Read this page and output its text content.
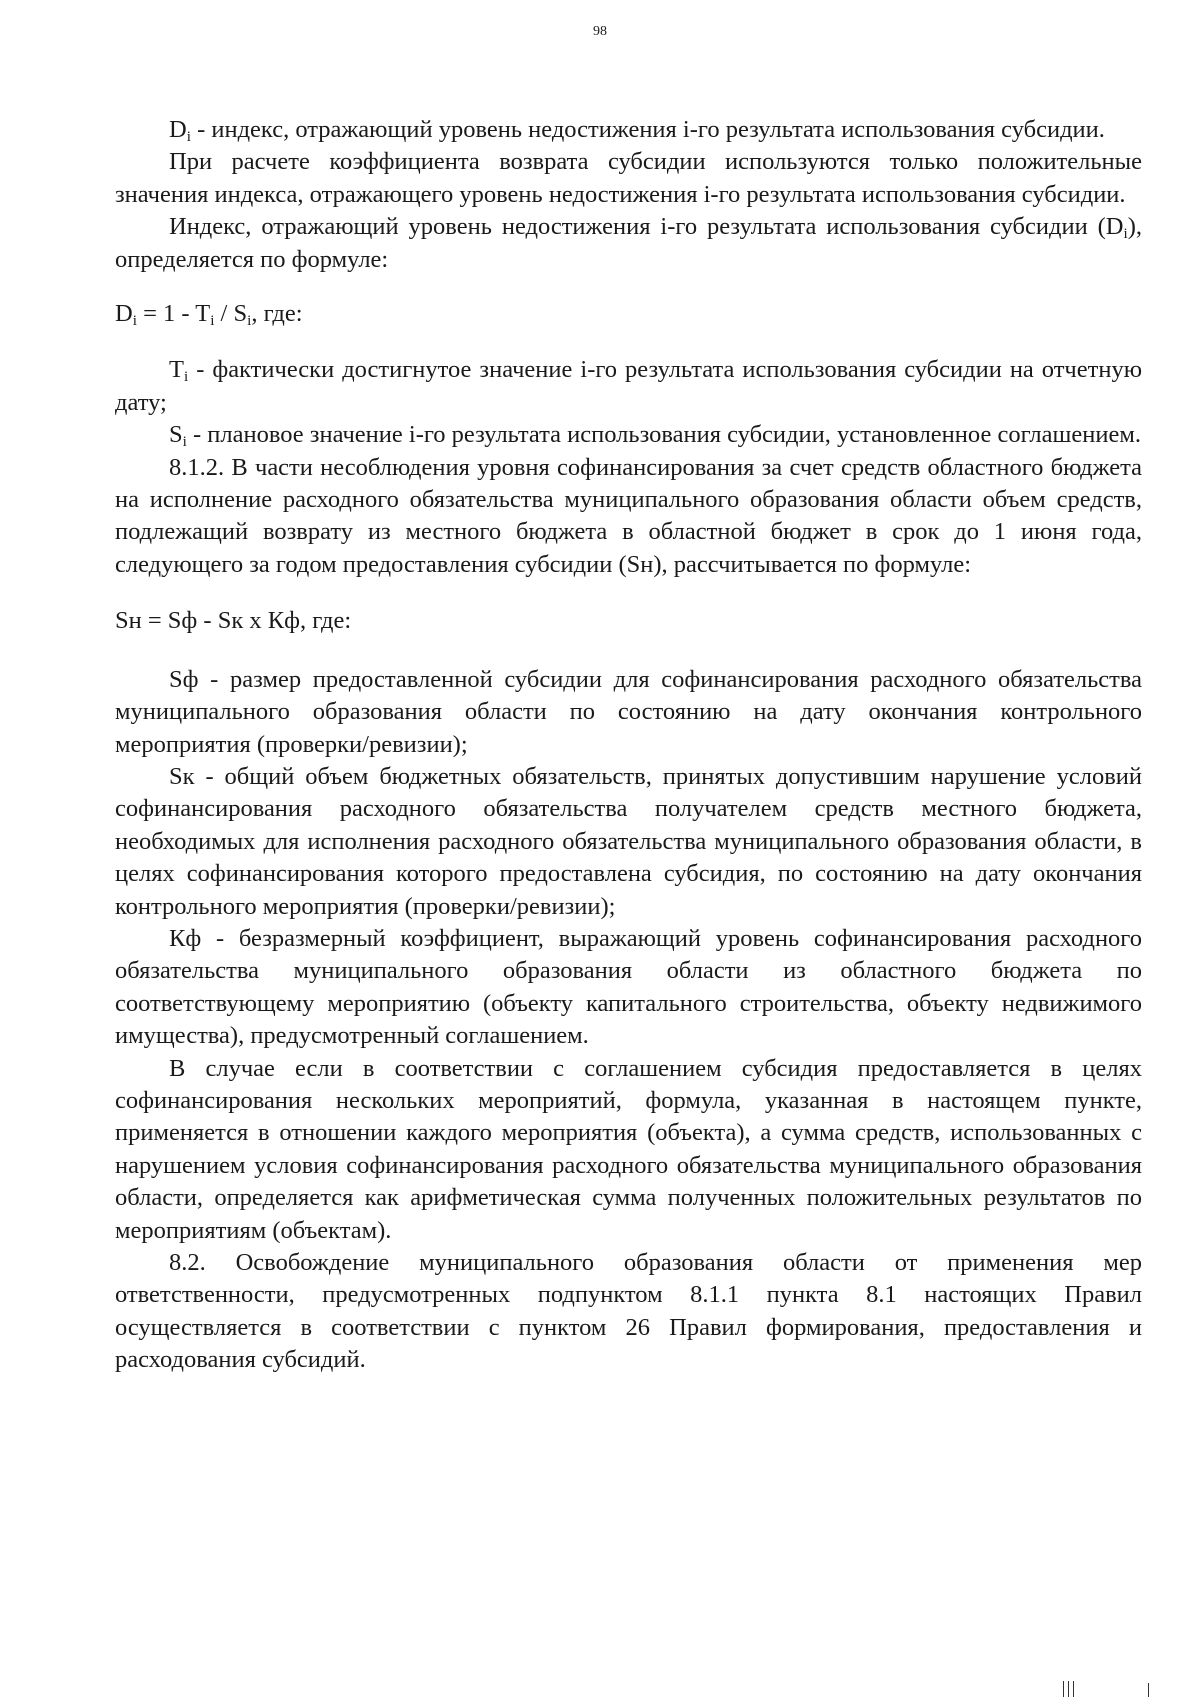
98

$D_i$ - индекс, отражающий уровень недостижения i-го результата использования субсидии.

При расчете коэффициента возврата субсидии используются только положительные значения индекса, отражающего уровень недостижения i-го результата использования субсидии.

Индекс, отражающий уровень недостижения i-го результата использования субсидии $(D_i)$, определяется по формуле:

$D_i = 1 - T_i / S_i$, где:

$T_i$ - фактически достигнутое значение i-го результата использования субсидии на отчетную дату;

$S_i$ - плановое значение i-го результата использования субсидии, установленное соглашением.

8.1.2. В части несоблюдения уровня софинансирования за счет средств областного бюджета на исполнение расходного обязательства муниципального образования области объем средств, подлежащий возврату из местного бюджета в областной бюджет в срок до 1 июня года, следующего за годом предоставления субсидии (Sн), рассчитывается по формуле:

Sн = Sф - Sк x Кф, где:

Sф - размер предоставленной субсидии для софинансирования расходного обязательства муниципального образования области по состоянию на дату окончания контрольного мероприятия (проверки/ревизии);

Sк - общий объем бюджетных обязательств, принятых допустившим нарушение условий софинансирования расходного обязательства получателем средств местного бюджета, необходимых для исполнения расходного обязательства муниципального образования области, в целях софинансирования которого предоставлена субсидия, по состоянию на дату окончания контрольного мероприятия (проверки/ревизии);

Кф - безразмерный коэффициент, выражающий уровень софинансирования расходного обязательства муниципального образования области из областного бюджета по соответствующему мероприятию (объекту капитального строительства, объекту недвижимого имущества), предусмотренный соглашением.

В случае если в соответствии с соглашением субсидия предоставляется в целях софинансирования нескольких мероприятий, формула, указанная в настоящем пункте, применяется в отношении каждого мероприятия (объекта), а сумма средств, использованных с нарушением условия софинансирования расходного обязательства муниципального образования области, определяется как арифметическая сумма полученных положительных результатов по мероприятиям (объектам).

8.2. Освобождение муниципального образования области от применения мер ответственности, предусмотренных подпунктом 8.1.1 пункта 8.1 настоящих Правил осуществляется в соответствии с пунктом 26 Правил формирования, предоставления и расходования субсидий.
